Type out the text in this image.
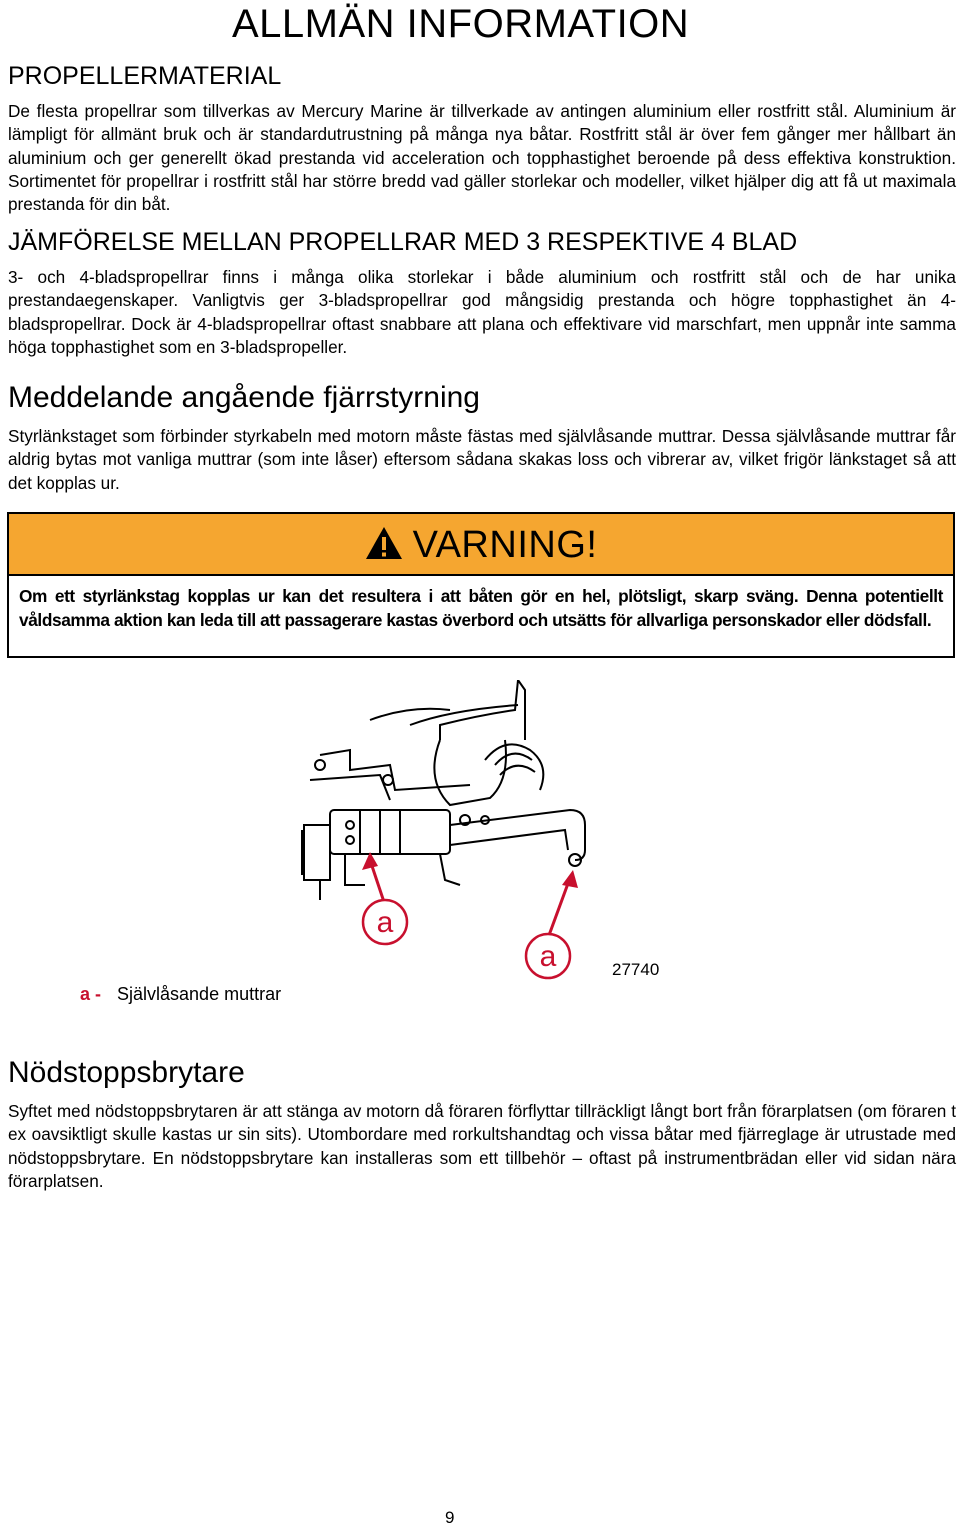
ALLMÄN INFORMATION
PROPELLERMATERIAL

De flesta propellrar som tillverkas av Mercury Marine är tillverkade av antingen aluminium eller rostfritt stål. Aluminium är lämpligt för allmänt bruk och är standardutrustning på många nya båtar. Rostfritt stål är över fem gånger mer hållbart än aluminium och ger generellt ökad prestanda vid acceleration och topphastighet beroende på dess effektiva konstruktion. Sortimentet för propellrar i rostfritt stål har större bredd vad gäller storlekar och modeller, vilket hjälper dig att få ut maximala prestanda för din båt.

JÄMFÖRELSE MELLAN PROPELLRAR MED 3 RESPEKTIVE 4 BLAD

3- och 4-bladspropellrar finns i många olika storlekar i både aluminium och rostfritt stål och de har unika prestandaegenskaper. Vanligtvis ger 3-bladspropellrar god mångsidig prestanda och högre topphastighet än 4-bladspropellrar. Dock är 4-bladspropellrar oftast snabbare att plana och effektivare vid marschfart, men uppnår inte samma höga topphastighet som en 3-bladspropeller.

Meddelande angående fjärrstyrning

Styrlänkstaget som förbinder styrkabeln med motorn måste fästas med självlåsande muttrar. Dessa självlåsande muttrar får aldrig bytas mot vanliga muttrar (som inte låser) eftersom sådana skakas loss och vibrerar av, vilket frigör länkstaget så att det kopplas ur.

VARNING!
Om ett styrlänkstag kopplas ur kan det resultera i att båten gör en hel, plötsligt, skarp sväng. Denna potentiellt våldsamma aktion kan leda till att passagerare kastas överbord och utsätts för allvarliga personskador eller dödsfall.
a
a	27740
a - Självlåsande muttrar
Nödstoppsbrytare

Syftet med nödstoppsbrytaren är att stänga av motorn då föraren förflyttar tillräckligt långt bort från förarplatsen (om föraren t ex oavsiktligt skulle kastas ur sin sits). Utombordare med rorkultshandtag och vissa båtar med fjärreglage är utrustade med nödstoppsbrytare. En nödstoppsbrytare kan installeras som ett tillbehör – oftast på instrumentbrädan eller vid sidan nära förarplatsen.

9
